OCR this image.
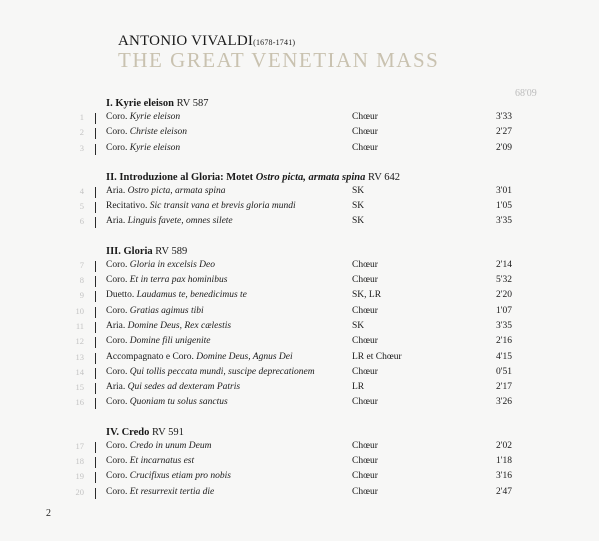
ANTONIO VIVALDI(1678-1741)
THE GREAT VENETIAN MASS
68'09
I. Kyrie eleison RV 587
1 Coro. Kyrie eleison	Chœur	3'33
2 Coro. Christe eleison	Chœur	2'27
3 Coro. Kyrie eleison	Chœur	2'09
II. Introduzione al Gloria: Motet Ostro picta, armata spina RV 642
4 Aria. Ostro picta, armata spina	SK	3'01
5 Recitativo. Sic transit vana et brevis gloria mundi	SK	1'05
6 Aria. Linguis favete, omnes silete	SK	3'35
III. Gloria RV 589
7 Coro. Gloria in excelsis Deo	Chœur	2'14
8 Coro. Et in terra pax hominibus	Chœur	5'32
9 Duetto. Laudamus te, benedicimus te	SK, LR	2'20
10 Coro. Gratias agimus tibi	Chœur	1'07
11 Aria. Domine Deus, Rex cælestis	SK	3'35
12 Coro. Domine fili unigenite	Chœur	2'16
13 Accompagnato e Coro. Domine Deus, Agnus Dei	LR et Chœur	4'15
14 Coro. Qui tollis peccata mundi, suscipe deprecationem	Chœur	0'51
15 Aria. Qui sedes ad dexteram Patris	LR	2'17
16 Coro. Quoniam tu solus sanctus	Chœur	3'26
IV. Credo RV 591
17 Coro. Credo in unum Deum	Chœur	2'02
18 Coro. Et incarnatus est	Chœur	1'18
19 Coro. Crucifixus etiam pro nobis	Chœur	3'16
20 Coro. Et resurrexit tertia die	Chœur	2'47
2
